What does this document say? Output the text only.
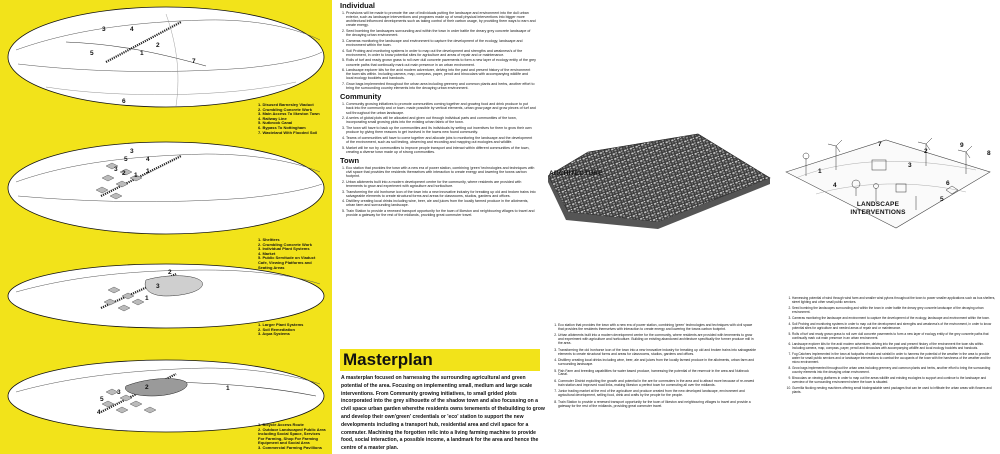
3	4
2
1
5
6
7
1. Disused Barnesley Viaduct
2. Crumbling Concrete Work
3. Main Access To Ilkeston Town
4. Railway Line
5. Nutbrook Canal
6. Bypass To Nottingham
7. Wasteland With Flooded Soil
3
5	4
1
2 1
3
1. Sheltters
2. Crumbling Concrete Work
3. Individual Plant Systems
4. Market
5. Public Servitude on Viaduct
Cafe, Viewing Platforms and
Seating Areas
2
1
3
1. Larger Plant Systems
2. Soil Remediation
3. Aqua Systems
2
3
1
4
5
1. Bicycle Access Route
2. Outdoor Landscaped Public Area
including Social Space, Services
For Farming, Shop For Farming
Equipment and Social Area
3. Commercial Farming Pavillions
Individual
1. Provisions will be made to promote the use of individuals putting the landscape and environment into the dull urban exterior, such as landscape interventions and programs made up of small physical interventions into bigger more architectural influenced developments such as taking control of their carbon usage, by providing them ways to earn and create energy.
2. Seed bombing the landscapes surrounding and within the town in order battle the dreary grey concrete landscape of the decaying urban environment.
3. Cameras monitoring the landscape and environment to capture the development of the ecology, landscape and environment within the town.
4. Soil Probing and monitoring systems in order to map out the development and strengths and weakness's of the environment, in order to know potential sites for agriculture and areas of repair and or maintenance.
5. Rolls of turf and ready grown grass to roll over dull concrete pavements to form a new layer of ecology entity of the grey concrete paths that continually mark out main presence in an urban environment.
6. Landscape explorer kits for the avid modern adventurer, delving into the past and present history of the environment the town sits within. Including camera, map, compass, paper, pencil and binoculars with accompanying wildlife and local ecology booklets and handouts.
7. Grow bags implemented throughout the urban area including greenery and common plants and herbs, another effort to bring the surrounding country elements into the decaying urban environment.
Community
1. Community growing initiatives to promote communities coming together and growing food and drink produce to put back into the community and or town. made possible by vertical elements, urban grow page and grow pieces of turf and soil throughout the urban landscape.
2. A series of global plots will be allocated and given out through individual parts and communities of the town, incorporating small growing plots into the existing urban fabric of the town.
3. The town will have to back up the communities and its individuals by setting out incentives for them to grow their own produce by giving them reasons to get involved in the towns new found community.
4. Teams of communities will have to come together and allocate jobs to monitoring the landscape and the development of the environment, such as soil testing, observing and recording and mapping out ecologies and wildlife.
5. Market will be run by communities to improve people transport and interact within different communities of the town, creating a diverse town made up of strong communities.
Town
1. Eco station that provides the town with a new era of power station, combining 'green' technologies and techniques with civil space that provides the residents themselves with interaction to create energy and lowering the towns carbon footprint.
2. Urban allotments built into a modern development centre for the community, where residents are provided with tenements to grow and experiment with agriculture and horticulture.
3. Transforming the old Ironhorse icon of the town into a new innovative industry for breaking up old and broken trains into salvageable elements to create structural forms and areas for classrooms, studios, gardens and offices.
4. Distillery creating local drinks including wine, beer, ale and juices from the locally farmed produce in the allotments, urban farm and surrounding landscape.
5. Train Station to provide a renewed transport opportunity for the town of Ilkeston and neighbouring villages to travel and provide a gateway for the rest of the midlands, providing great commuter travel.
Masterplan
A masterplan focused on harnessing the surrounding agricultural and green potential of the area. Focusing on implementing small, medium and large scale interventions. From Community growing initiatives, to small grided plots incorporated into the grey silhouette of the shadow town and also focussing on a civil space urban garden wherethe residents owns tenements of thebuilding to grow and develop their own'green' credentials or 'eco' station to support the new developments including a transport hub, residential area and civil space for a commuter. Machining the forgotten relic into a living farming machine to provide food, social interaction, a possible income, a landmark for the area and hence the centre of a master plan.
ARCHITECTURE
7	9
8
2
3
6
5
1
4
LANDSCAPE INTERVENTIONS
1. Eco station that provides the town with a new era of power station, combining 'green' technologies and techniques with civil space that provides the residents themselves with interaction to create energy and lowering the towns carbon footprint.
2. Urban allotments built into a modern development centre for the community, where residents are provided with tenements to grow and experiment with agriculture and horticulture. Building on existing abandoned architecture specifically the former produce mill in the area.
3. Transforming the old Ironhorse icon of the town into a new innovative industry for breaking up old and broken trains into salvageable elements to create structural forms and areas for classrooms, studios, gardens and offices.
4. Distillery creating local drinks including wine, beer, ale and juices from the locally farmed produce in the allotments, urban farm and surrounding landscape.
5. Fish Farm and breeding capabilities for water based produce, harnessing the potential of the reservoir in the area and Nutbrook Canal.
6. Commuter District exploiting the growth and potential in the are for commuters in the area and to attract more because of re-newed train station and improved road links, making Ilkeston a perfect town for commuting all over the midlands.
7. Junior trading market at the end of the agriculture and produce created from the new developed landscape, environment and agricultural development, selling food, drink and crafts by the people for the people.
8. Train Station to provide a renewed transport opportunity for the town of Ilkeston and neighbouring villages to travel and provide a gateway for the rest of the midlands, providing great commuter travel.
1. Harnessing potential of wind through wind farm and smaller wind pylons throughout the town to power smaller applications such as bus shelters, street lighting and other small public services.
2. Seed bombing the landscapes surrounding and within the town in order battle the dreary grey concrete landscape of the decaying urban environment.
3. Cameras monitoring the landscape and environment to capture the development of the ecology, landscape and environment within the town.
4. Soil Probing and monitoring systems in order to map out the development and strengths and weakness's of the environment, in order to know potential sites for agriculture and needed areas of repair and or maintenance.
5. Rolls of turf and ready grown grass to roll over dull concrete pavements to form a new layer of ecology entity of the grey concrete paths that continually mark out main presence in an urban environment.
6. Landscape explorer kits for the avid modern adventurer, delving into the past and present history of the environment the town sits within. Including camera, map, compass, paper, pencil and binoculars with accompanying wildlife and local ecology booklets and handouts.
7. Fog Catchers implemented in the town at footpaths of wind and rainfall in order to harness the potential of the weather in the area to provide water for small public services and or landscape interventions to combat the occupants of the town with the harshness of the weather and the micro environment.
8. Grow bags implemented throughout the urban area including greenery and common plants and herbs, another effort to bring the surrounding country elements into the decaying urban environment.
9. Binoculars on viewing platforms in order to map out the areas wildlife and existing ecologies to support and continue to the landscape and overview of the surrounding environment where the town is situated.
10. Guerrilla flocking nesting machines offering small biodegradable seed packages that can be used to infiltrate the urban areas with flowers and plants.
